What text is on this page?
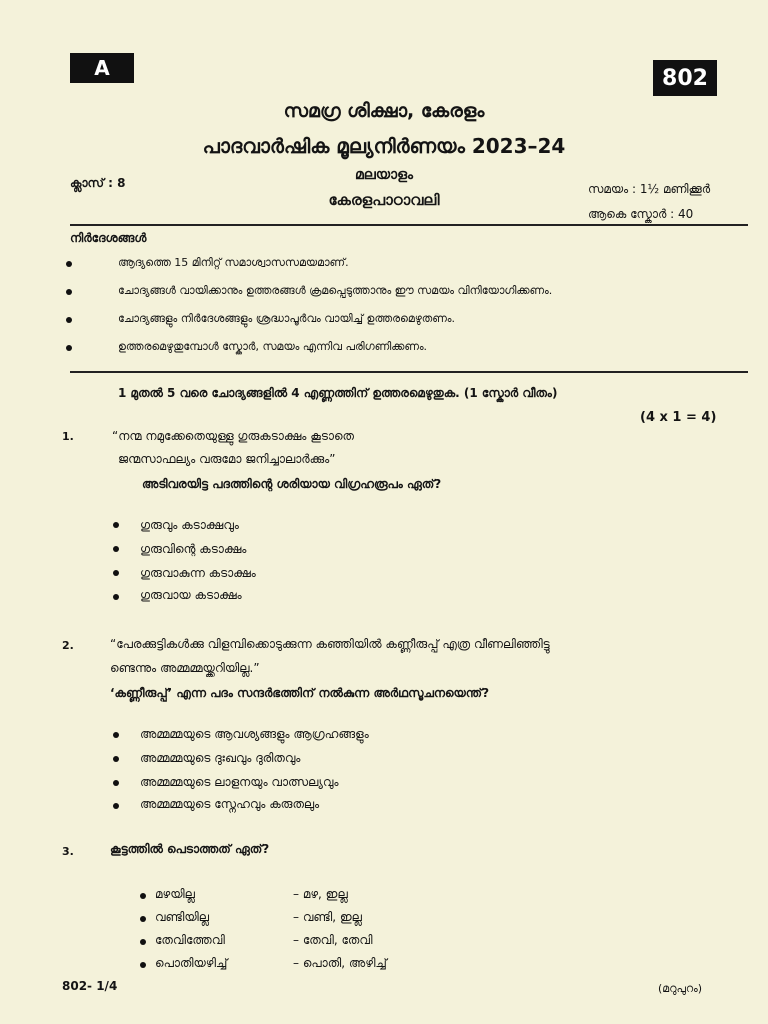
A	802
സമഗ്ര ശിക്ഷാ, കേരളം
പാദവാർഷിക മൂല്യനിർണയം 2023–24
മലയാളം
കേരളപാഠാവലി
ക്ലാസ് : 8	സമയം : 1½ മണിക്കൂർ
ആകെ സ്കോർ : 40
നിർദേശങ്ങൾ
ആദ്യത്തെ 15 മിനിറ്റ് സമാശ്വാസസമയമാണ്.
ചോദ്യങ്ങൾ വായിക്കാനും ഉത്തരങ്ങൾ ക്രമപ്പെടുത്താനും ഈ സമയം വിനിയോഗിക്കണം.
ചോദ്യങ്ങളും നിർദേശങ്ങളും ശ്രദ്ധാപൂർവം വായിച്ച് ഉത്തരമെഴുതണം.
ഉത്തരമെഴുതുമ്പോൾ സ്കോർ, സമയം എന്നിവ പരിഗണിക്കണം.
1 മുതൽ 5 വരെ ചോദ്യങ്ങളിൽ 4 എണ്ണത്തിന് ഉത്തരമെഴുതുക. (1 സ്കോർ വീതം)
(4 x 1 = 4)
1.	“നന്മ നമുക്കേതെയുള്ളു ഗുരുകടാക്ഷം കൂടാതെ
ജന്മസാഫല്യം വരുമോ ജനിച്ചാലാർക്കും”
അടിവരയിട്ട പദത്തിന്റെ ശരിയായ വിഗ്രഹരൂപം ഏത്?
ഗുരുവും കടാക്ഷവും
ഗുരുവിന്റെ കടാക്ഷം
ഗുരുവാകുന്ന കടാക്ഷം
ഗുരുവായ കടാക്ഷം
2.	“പേരക്കുട്ടികൾക്കു വിളമ്പിക്കൊടുക്കുന്ന കഞ്ഞിയിൽ കണ്ണീരുപ്പ് എത്ര വീണലിഞ്ഞിട്ടു
ണ്ടെന്നും അമ്മമ്മയ്ക്കറിയില്ല.”
‘കണ്ണീരുപ്പ്’ എന്ന പദം സന്ദർഭത്തിന് നൽകുന്ന അർഥസൂചനയെന്ത്?
അമ്മമ്മയുടെ ആവശ്യങ്ങളും ആഗ്രഹങ്ങളും
അമ്മമ്മയുടെ ദുഃഖവും ദുരിതവും
അമ്മമ്മയുടെ ലാളനയും വാത്സല്യവും
അമ്മമ്മയുടെ സ്നേഹവും കരുതലും
3.	കൂട്ടത്തിൽ പെടാത്തത് ഏത്?
മഴയില്ല	– മഴ, ഇല്ല
വണ്ടിയില്ല	– വണ്ടി, ഇല്ല
തേവിത്തേവി	– തേവി, തേവി
പൊതിയഴിച്ച്	– പൊതി, അഴിച്ച്
802- 1/4	(മറുപുറം)
